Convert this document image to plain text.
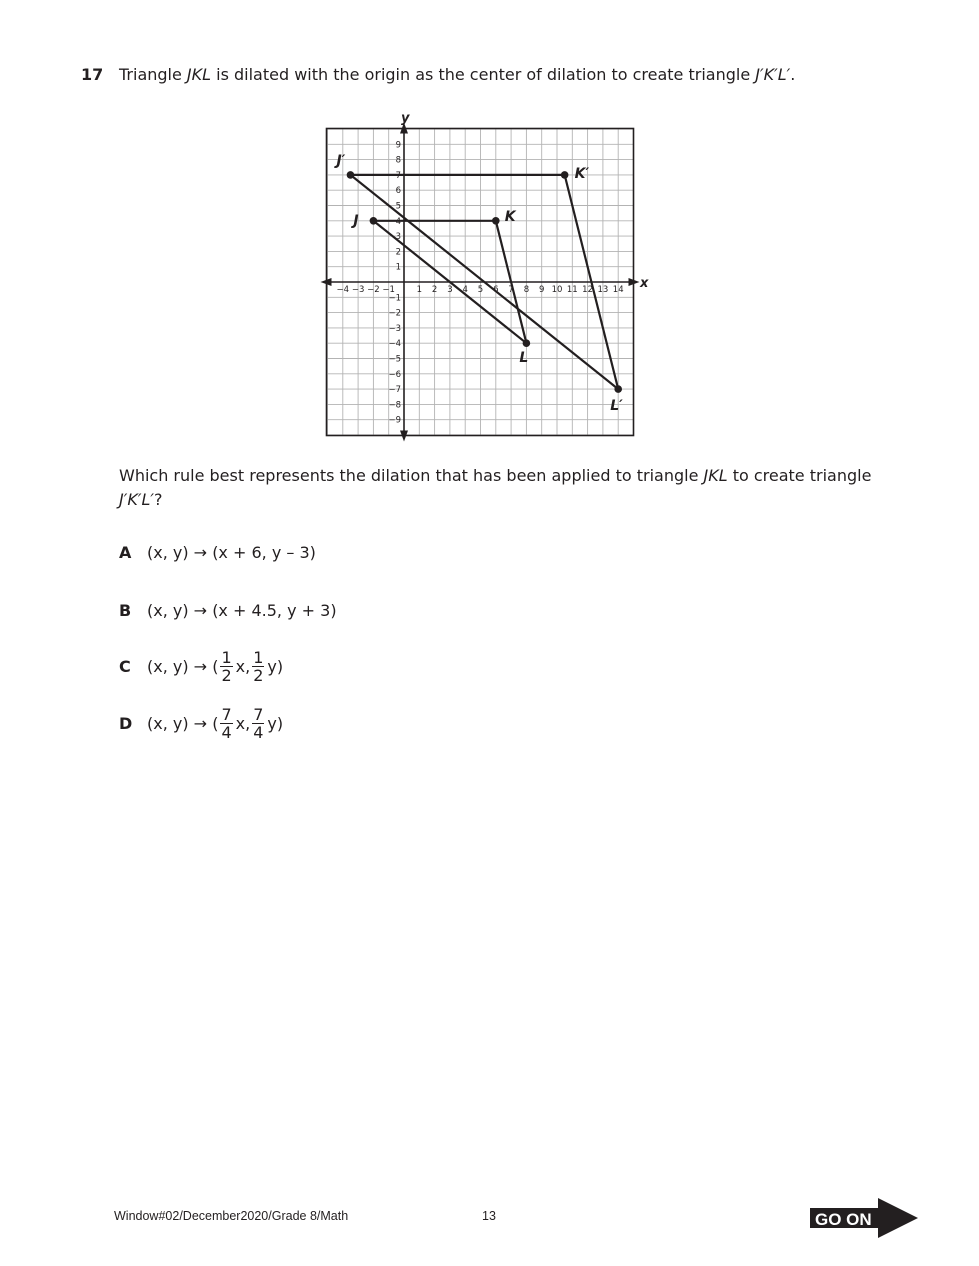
17 Triangle JKL is dilated with the origin as the center of dilation to create triangle J′K′L′.
x
y
−4 −3 −2 −1	1 2 3 4 5 6 7 8 9 10 11 12 13 14
9
8
7
6
5
4
3
2
1
−1
−2
−3
−4
−5
−6
−7
−8
−9
J	K
L
J′
K′
L′
Which rule best represents the dilation that has been applied to triangle JKL to create triangle
J′K′L′?
A (x, y) →
(x + 6, y – 3)
B (x, y) →
(x + 4.5, y + 3)
C	(x, y) →
( $\frac{1}{2} x$, $\frac{1}{2} y$)
D (x, y) →
( $\frac{7}{4} x$, $\frac{7}{4} y$)
Window#02/December2020/Grade 8/Math	13	GO ON
